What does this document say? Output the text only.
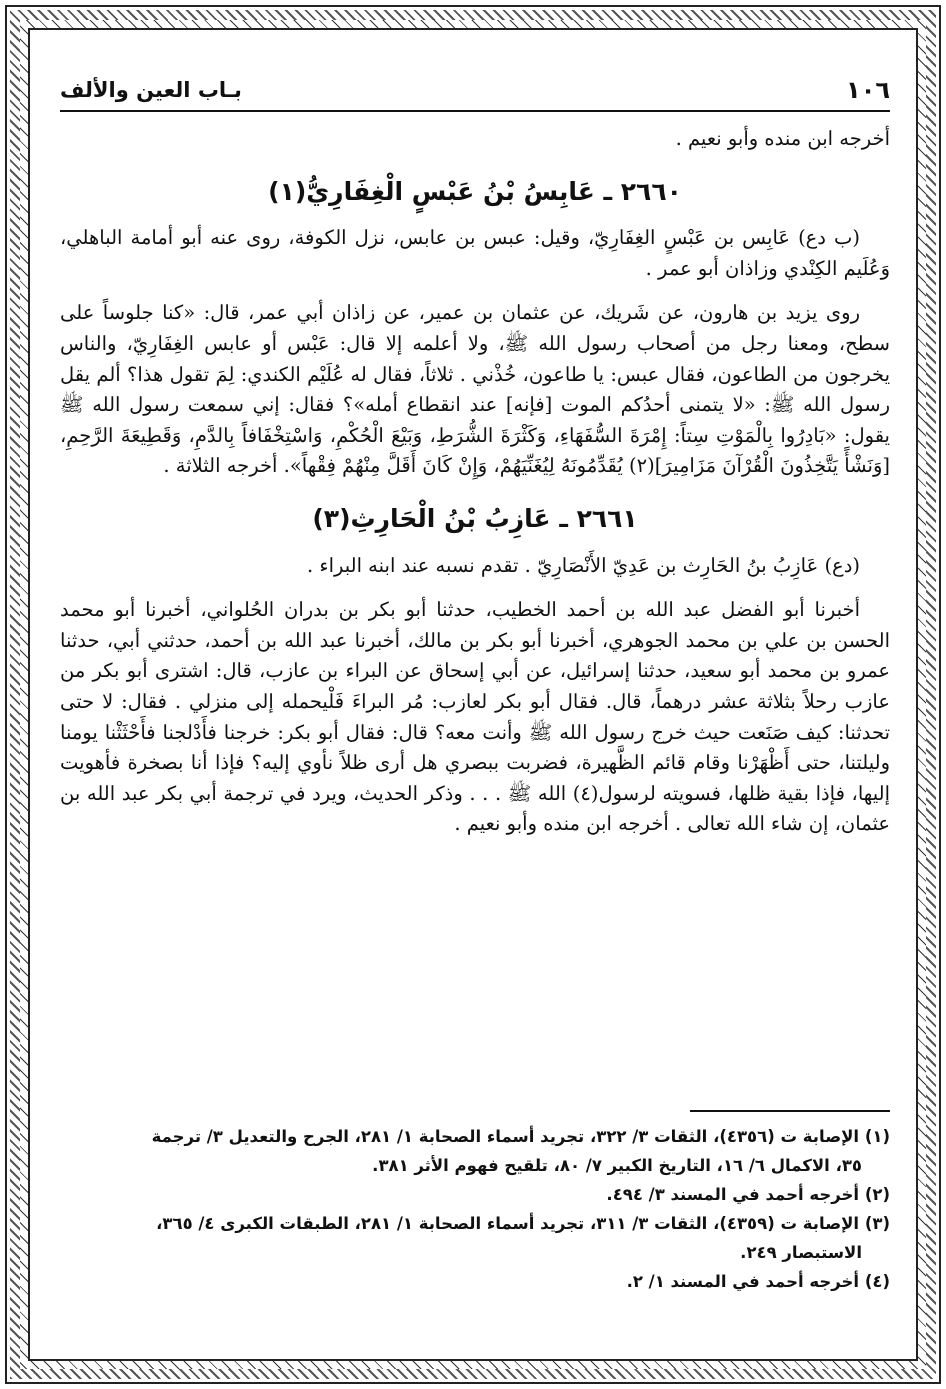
١٠٦
بـاب العين والألف

أخرجه ابن منده وأبو نعيم .

٢٦٦٠ ـ عَابِسُ بْنُ عَبْسٍ الْغِفَارِيُّ(١)

(ب دع) عَابِس بن عَبْسٍ الغِفَارِيّ، وقيل: عبس بن عابس، نزل الكوفة، روى عنه أبو أمامة الباهلي، وَعُلَيم الكِنْدي وزاذان أبو عمر .

روى يزيد بن هارون، عن شَريك، عن عثمان بن عمير، عن زاذان أبي عمر، قال: «كنا جلوساً على سطح، ومعنا رجل من أصحاب رسول الله ﷺ، ولا أعلمه إلا قال: عَبْس أو عابس الغِفَارِيّ، والناس يخرجون من الطاعون، فقال عبس: يا طاعون، خُذْني . ثلاثاً، فقال له عُلَيْم الكندي: لِمَ تقول هذا؟ ألم يقل رسول الله ﷺ: «لا يتمنى أحدُكم الموت [فإنه] عند انقطاع أمله»؟ فقال: إني سمعت رسول الله ﷺ يقول: «بَادِرُوا بِالْمَوْتِ سِتاً: إِمْرَةَ السُّفَهَاءِ، وَكَثْرَةَ الشُّرَطِ، وَبَيْعَ الْحُكْمِ، وَاسْتِخْفَافاً بِالدَّمِ، وَقَطِيعَةَ الرَّحِمِ، [وَنَشْأً يَتَّخِذُونَ الْقُرْآنَ مَزَامِيرَ](٢) يُقَدِّمُونَهُ لِيُغَنِّيَهُمْ، وَإِنْ كَانَ أَقَلَّ مِنْهُمْ فِقْهاً». أخرجه الثلاثة .

٢٦٦١ ـ عَازِبُ بْنُ الْحَارِثِ(٣)

(دع) عَازِبُ بنُ الحَارِث بن عَدِيّ الأَنْصَارِيّ . تقدم نسبه عند ابنه البراء .

أخبرنا أبو الفضل عبد الله بن أحمد الخطيب، حدثنا أبو بكر بن بدران الحُلواني، أخبرنا أبو محمد الحسن بن علي بن محمد الجوهري، أخبرنا أبو بكر بن مالك، أخبرنا عبد الله بن أحمد، حدثني أبي، حدثنا عمرو بن محمد أبو سعيد، حدثنا إسرائيل، عن أبي إسحاق عن البراء بن عازب، قال: اشترى أبو بكر من عازب رحلاً بثلاثة عشر درهماً، قال. فقال أبو بكر لعازب: مُر البراءَ فَلْيحمله إلى منزلي . فقال: لا حتى تحدثنا: كيف صَنَعت حيث خرج رسول الله ﷺ وأنت معه؟ قال: فقال أبو بكر: خرجنا فأَدْلجنا فأَحْثَثْنا يومنا وليلتنا، حتى أَظْهَرْنا وقام قائم الظَّهيرة، فضربت ببصري هل أرى ظلاً نأوي إليه؟ فإذا أنا بصخرة فأهويت إليها، فإذا بقية ظلها، فسويته لرسول(٤) الله ﷺ . . . وذكر الحديث، ويرد في ترجمة أبي بكر عبد الله بن عثمان، إن شاء الله تعالى . أخرجه ابن منده وأبو نعيم .

(١) الإصابة ت (٤٣٥٦)، الثقات ٣/ ٣٢٢، تجريد أسماء الصحابة ١/ ٢٨١، الجرح والتعديل ٣/ ترجمة
٣٥، الاكمال ٦/ ١٦، التاريخ الكبير ٧/ ٨٠، تلقيح فهوم الأثر ٣٨١.
(٢) أخرجه أحمد في المسند ٣/ ٤٩٤.
(٣) الإصابة ت (٤٣٥٩)، الثقات ٣/ ٣١١، تجريد أسماء الصحابة ١/ ٢٨١، الطبقات الكبرى ٤/ ٣٦٥،
الاستبصار ٢٤٩.
(٤) أخرجه أحمد في المسند ١/ ٢.
